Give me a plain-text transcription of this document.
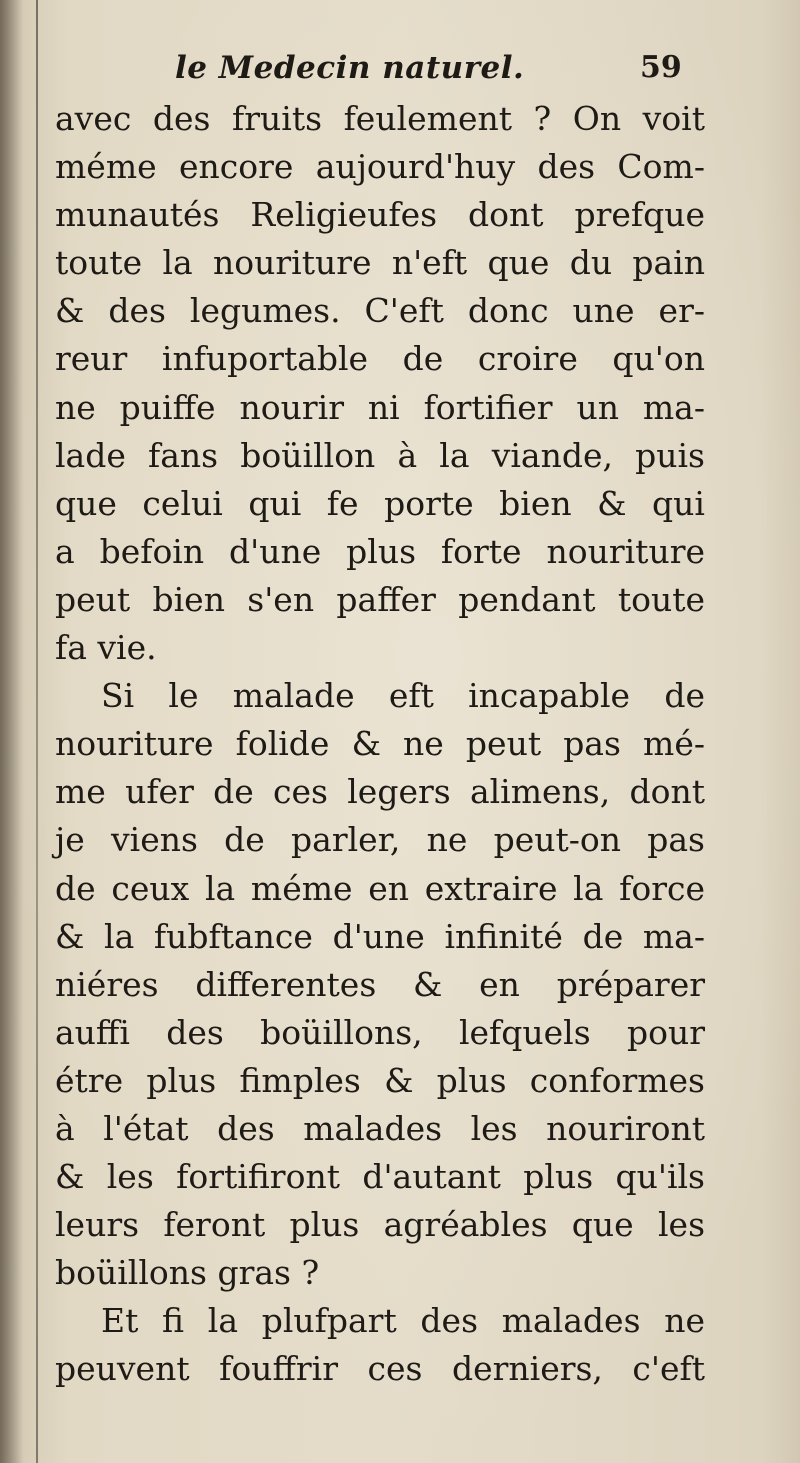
le Medecin naturel.	59
avec des fruits feulement ? On voit
méme encore aujourd'huy des Com-
munautés Religieufes dont prefque
toute la nouriture n'eft que du pain
& des legumes. C'eft donc une er-
reur infuportable de croire qu'on
ne puiffe nourir ni fortifier un ma-
lade fans boüillon à la viande, puis
que celui qui fe porte bien & qui
a befoin d'une plus forte nouriture
peut bien s'en paffer pendant toute
fa vie.
Si le malade eft incapable de
nouriture folide & ne peut pas mé-
me ufer de ces legers alimens, dont
je viens de parler, ne peut-on pas
de ceux la méme en extraire la force
& la fubftance d'une infinité de ma-
niéres differentes & en préparer
auffi des boüillons, lefquels pour
étre plus fimples & plus conformes
à l'état des malades les nouriront
& les fortifiront d'autant plus qu'ils
leurs feront plus agréables que les
boüillons gras ?
Et fi la plufpart des malades ne
peuvent fouffrir ces derniers, c'eft
